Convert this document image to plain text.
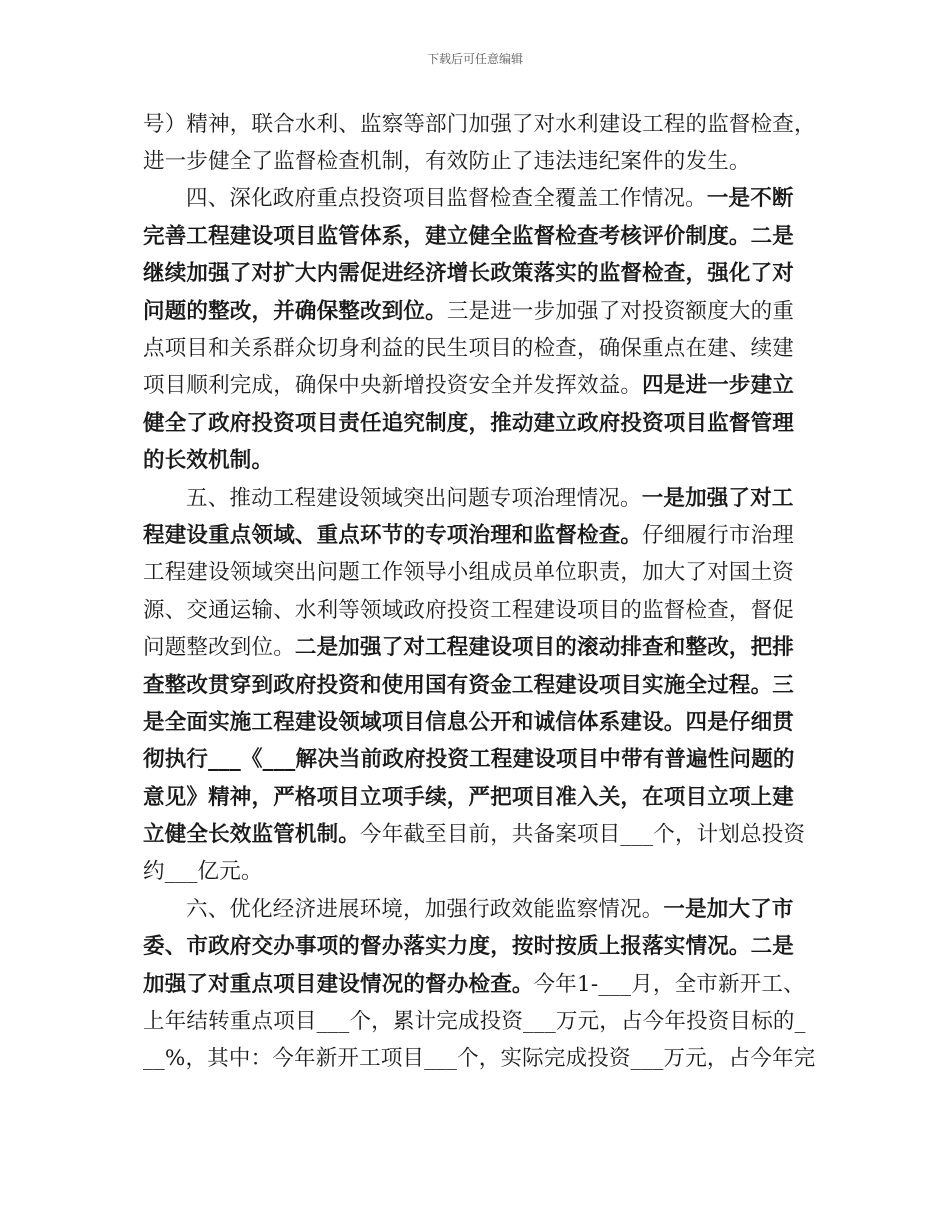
下载后可任意编辑
号）精神，联合水利、监察等部门加强了对水利建设工程的监督检查，
进一步健全了监督检查机制，有效防止了违法违纪案件的发生。
四、深化政府重点投资项目监督检查全覆盖工作情况。一是不断
完善工程建设项目监管体系，建立健全监督检查考核评价制度。二是
继续加强了对扩大内需促进经济增长政策落实的监督检查，强化了对
问题的整改，并确保整改到位。三是进一步加强了对投资额度大的重
点项目和关系群众切身利益的民生项目的检查，确保重点在建、续建
项目顺利完成，确保中央新增投资安全并发挥效益。四是进一步建立
健全了政府投资项目责任追究制度，推动建立政府投资项目监督管理
的长效机制。
五、推动工程建设领域突出问题专项治理情况。一是加强了对工
程建设重点领域、重点环节的专项治理和监督检查。仔细履行市治理
工程建设领域突出问题工作领导小组成员单位职责，加大了对国土资
源、交通运输、水利等领域政府投资工程建设项目的监督检查，督促
问题整改到位。二是加强了对工程建设项目的滚动排查和整改，把排
查整改贯穿到政府投资和使用国有资金工程建设项目实施全过程。三
是全面实施工程建设领域项目信息公开和诚信体系建设。四是仔细贯
彻执行___《___解决当前政府投资工程建设项目中带有普遍性问题的
意见》精神，严格项目立项手续，严把项目准入关，在项目立项上建
立健全长效监管机制。今年截至目前，共备案项目___个，计划总投资
约___亿元。
六、优化经济进展环境，加强行政效能监察情况。一是加大了市
委、市政府交办事项的督办落实力度，按时按质上报落实情况。二是
加强了对重点项目建设情况的督办检查。今年1-___月，全市新开工、
上年结转重点项目___个，累计完成投资___万元，占今年投资目标的_
__%，其中：今年新开工项目___个，实际完成投资___万元，占今年完
